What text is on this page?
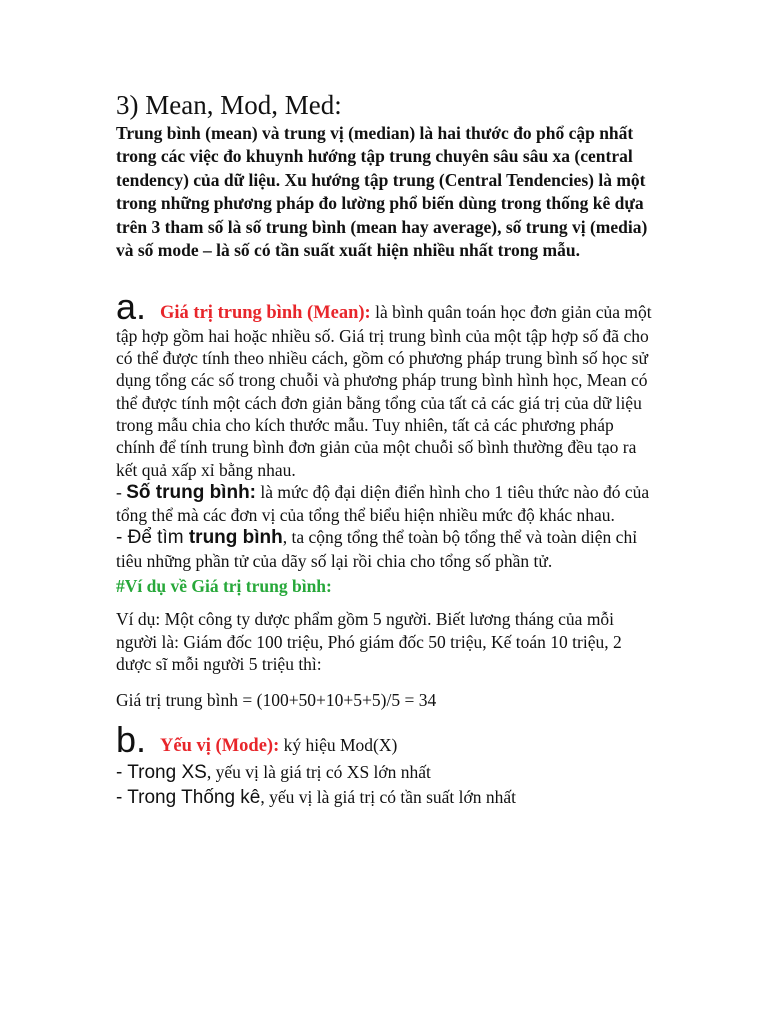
3) Mean, Mod, Med:

Trung bình (mean) và trung vị (median) là hai thước đo phổ cập nhất trong các việc đo khuynh hướng tập trung chuyên sâu sâu xa (central tendency) của dữ liệu. Xu hướng tập trung (Central Tendencies) là một trong những phương pháp đo lường phổ biến dùng trong thống kê dựa trên 3 tham số là số trung bình (mean hay average), số trung vị (media) và số mode – là số có tần suất xuất hiện nhiều nhất trong mẫu.

a. Giá trị trung bình (Mean): là bình quân toán học đơn giản của một tập hợp gồm hai hoặc nhiều số. Giá trị trung bình của một tập hợp số đã cho có thể được tính theo nhiều cách, gồm có phương pháp trung bình số học sử dụng tổng các số trong chuỗi và phương pháp trung bình hình học, Mean có thể được tính một cách đơn giản bằng tổng của tất cả các giá trị của dữ liệu trong mẫu chia cho kích thước mẫu. Tuy nhiên, tất cả các phương pháp chính để tính trung bình đơn giản của một chuỗi số bình thường đều tạo ra kết quả xấp xỉ bằng nhau.

- Số trung bình: là mức độ đại diện điển hình cho 1 tiêu thức nào đó của tổng thể mà các đơn vị của tổng thể biểu hiện nhiều mức độ khác nhau.

- Để tìm trung bình, ta cộng tổng thể toàn bộ tổng thể và toàn diện chỉ tiêu những phần tử của dãy số lại rồi chia cho tổng số phần tử.

#Ví dụ về Giá trị trung bình:

Ví dụ: Một công ty dược phẩm gồm 5 người. Biết lương tháng của mỗi người là: Giám đốc 100 triệu, Phó giám đốc 50 triệu, Kế toán 10 triệu, 2 dược sĩ mỗi người 5 triệu thì:

Giá trị trung bình = (100+50+10+5+5)/5 = 34

b. Yếu vị (Mode): ký hiệu Mod(X)

- Trong XS, yếu vị là giá trị có XS lớn nhất

- Trong Thống kê, yếu vị là giá trị có tần suất lớn nhất
